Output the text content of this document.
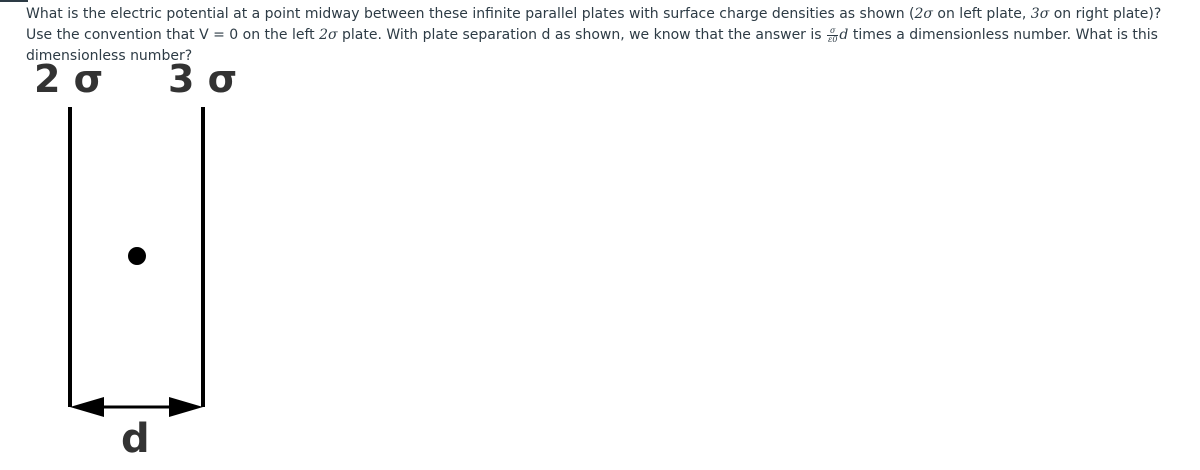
What is the electric potential at a point midway between these infinite parallel plates with surface charge densities as shown (2σ on left plate, 3σ on right plate)? Use the convention that V = 0 on the left 2σ plate. With plate separation d as shown, we know that the answer is $\frac{\sigma}{\varepsilon 0}$ d times a dimensionless number. What is this dimensionless number?
2 σ 3 σ
d
